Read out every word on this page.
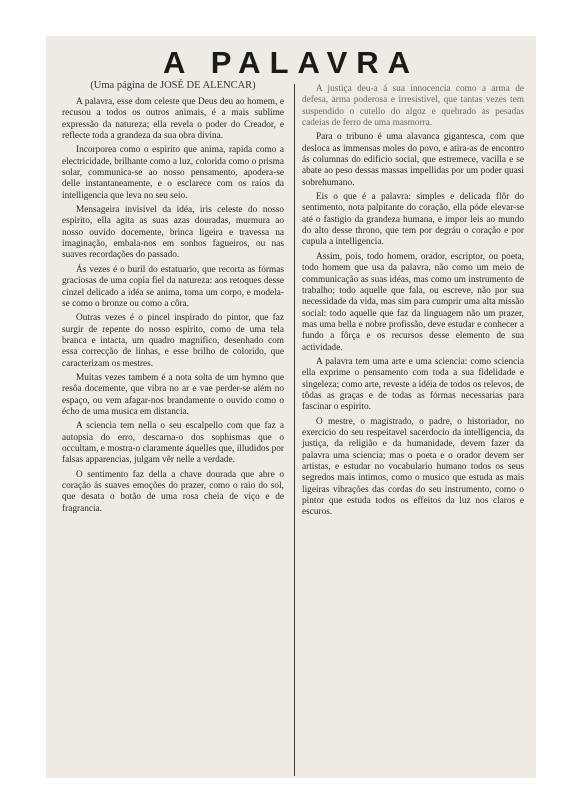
A PALAVRA
(Uma página de JOSÉ DE ALENCAR)

A palavra, esse dom celeste que Deus deu ao homem, e recusou a todos os outros animais, é a mais sublime expressão da natureza; ella revela o poder do Creador, e reflecte toda a grandeza da sua obra divina.

Incorporea como o espirito que anima, rapida como a electricidade, brilhante como a luz, colorida como o prisma solar, communica-se ao nosso pensamento, apodera-se delle instantaneamente, e o esclarece com os raios da intelligencia que leva no seu seio.

Mensageira invisivel da idéa, iris celeste do nosso espirito, ella agita as suas azas douradas, murmura ao nosso ouvido docemente, brinca ligeira e travessa na imaginação, embala-nos em sonhos fagueiros, ou nas suaves recordações do passado.

Ás vezes é o buril do estatuario, que recorta as fórmas graciosas de uma copia fiel da natureza: aos retoques desse cinzel delicado a idéa se anima, toma um corpo, e modela-se como o bronze ou como a côra.

Outras vezes é o pincel inspirado do pintor, que faz surgir de repente do nosso espirito, como de uma tela branca e intacta, um quadro magnifico, desenhado com essa correcção de linhas, e esse brilho de colorido, que caracterizam os mestres.

Muitas vezes tambem é a nota solta de um hymno que resôa docemente, que vibra no ar e vae perder-se além no espaço, ou vem afagar-nos brandamente o ouvido como o écho de uma musica em distancia.

A sciencia tem nella o seu escalpello com que faz a autopsia do erro, descarna-o dos sophismas que o occultam, e mostra-o claramente áquelles que, illudidos por falsas apparencias, julgam vêr nelle a verdade.

O sentimento faz della a chave dourada que abre o coração ás suaves emoções do prazer, como o raio do sol, que desata o botão de uma rosa cheia de viço e de fragrancia.

A justiça deu-a á sua innocencia como a arma de defesa, arma poderosa e irresistivel, que tantas vezes tem suspendido o cutello do algoz e quebrado as pesadas cadeias de ferro de uma masmorra.

Para o tribuno é uma alavanca gigantesca, com que desloca as immensas moles do povo, e atira-as de encontro ás columnas do edificio social, que estremece, vacilla e se abate ao peso dessas massas impellidas por um poder quasi sobrehumano.

Eis o que é a palavra: simples e delicada flôr do sentimento, nota palpitante do coração, ella póde elevar-se até o fastigio da grandeza humana, e impor leis ao mundo do alto desse throno, que tem por degráu o coração e por cupula a intelligencia.

Assim, pois, todo homem, orador, escriptor, ou poeta, todo homem que usa da palavra, não como um meio de communicação as suas idéas, mas como um instrumento de trabalho; todo aquelle que fala, ou escreve, não por sua necessidade da vida, mas sim para cumprir uma alta missão social: todo aquelle que faz da linguagem não um prazer, mas uma bella e nobre profissão, deve estudar e conhecer a fundo a fôrça e os recursos desse elemento de sua actividade.

A palavra tem uma arte e uma sciencia: como sciencia ella exprime o pensamento com toda a sua fidelidade e singeleza; como arte, reveste a idéia de todos os relevos, de tôdas as graças e de todas as fórmas necessarias para fascinar o espirito.

O mestre, o magistrado, o padre, o historiador, no exercicio do seu respeitavel sacerdocio da intelligencia, da justiça, da religião e da humanidade, devem fazer da palavra uma sciencia; mas o poeta e o orador devem ser artistas, e estudar no vocabulario humano todos os seus segredos mais intimos, como o musico que estuda as mais ligeiras vibrações das cordas do seu instrumento, como o pintor que estuda todos os effeitos da luz nos claros e escuros.
